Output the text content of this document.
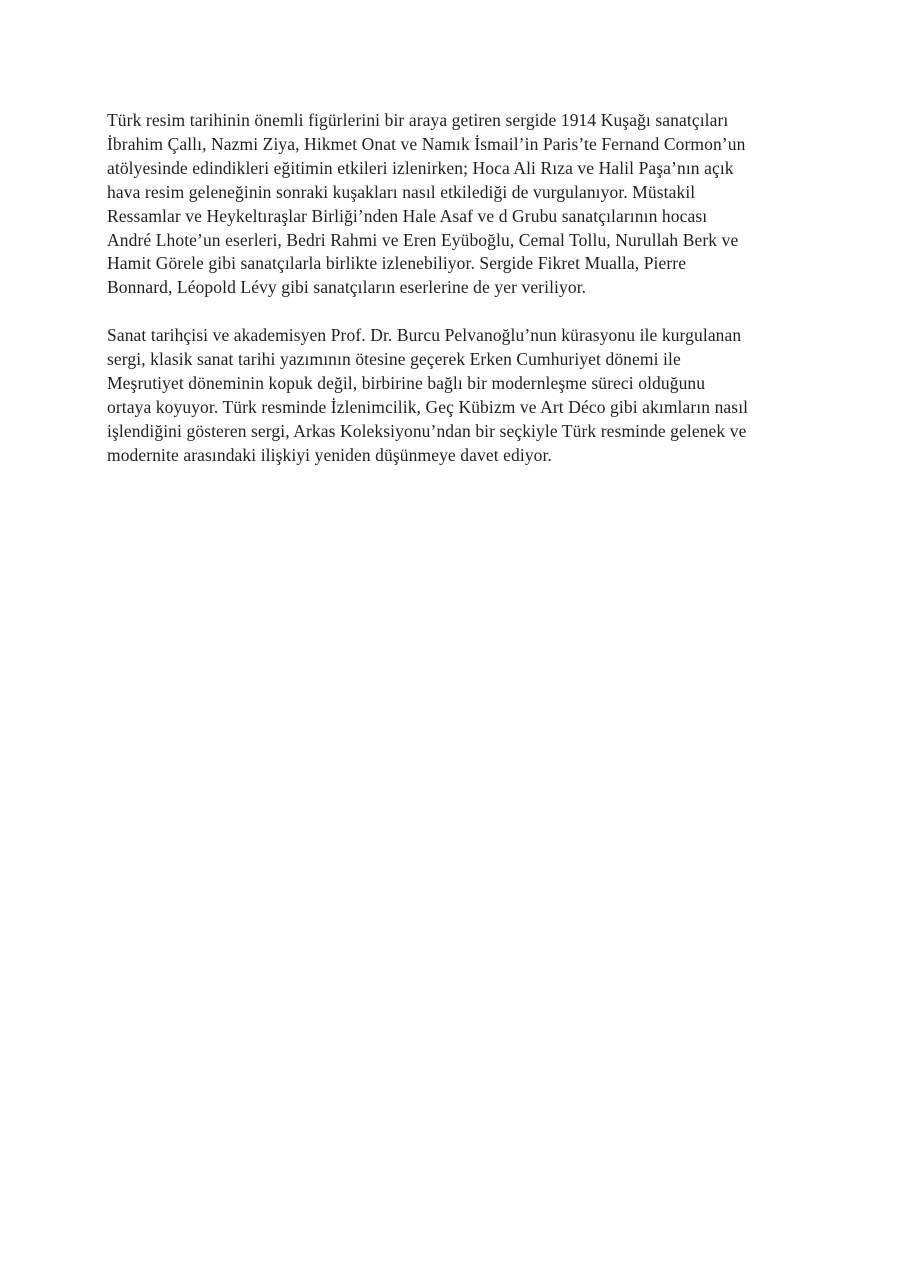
Türk resim tarihinin önemli figürlerini bir araya getiren sergide 1914 Kuşağı sanatçıları
İbrahim Çallı, Nazmi Ziya, Hikmet Onat ve Namık İsmail’in Paris’te Fernand Cormon’un
atölyesinde edindikleri eğitimin etkileri izlenirken; Hoca Ali Rıza ve Halil Paşa’nın açık
hava resim geleneğinin sonraki kuşakları nasıl etkilediği de vurgulanıyor. Müstakil
Ressamlar ve Heykeltıraşlar Birliği’nden Hale Asaf ve d Grubu sanatçılarının hocası
André Lhote’un eserleri, Bedri Rahmi ve Eren Eyüboğlu, Cemal Tollu, Nurullah Berk ve
Hamit Görele gibi sanatçılarla birlikte izlenebiliyor. Sergide Fikret Mualla, Pierre
Bonnard, Léopold Lévy gibi sanatçıların eserlerine de yer veriliyor.
Sanat tarihçisi ve akademisyen Prof. Dr. Burcu Pelvanoğlu’nun kürasyonu ile kurgulanan
sergi, klasik sanat tarihi yazımının ötesine geçerek Erken Cumhuriyet dönemi ile
Meşrutiyet döneminin kopuk değil, birbirine bağlı bir modernleşme süreci olduğunu
ortaya koyuyor. Türk resminde İzlenimcilik, Geç Kübizm ve Art Déco gibi akımların nasıl
işlendiğini gösteren sergi, Arkas Koleksiyonu’ndan bir seçkiyle Türk resminde gelenek ve
modernite arasındaki ilişkiyi yeniden düşünmeye davet ediyor.
